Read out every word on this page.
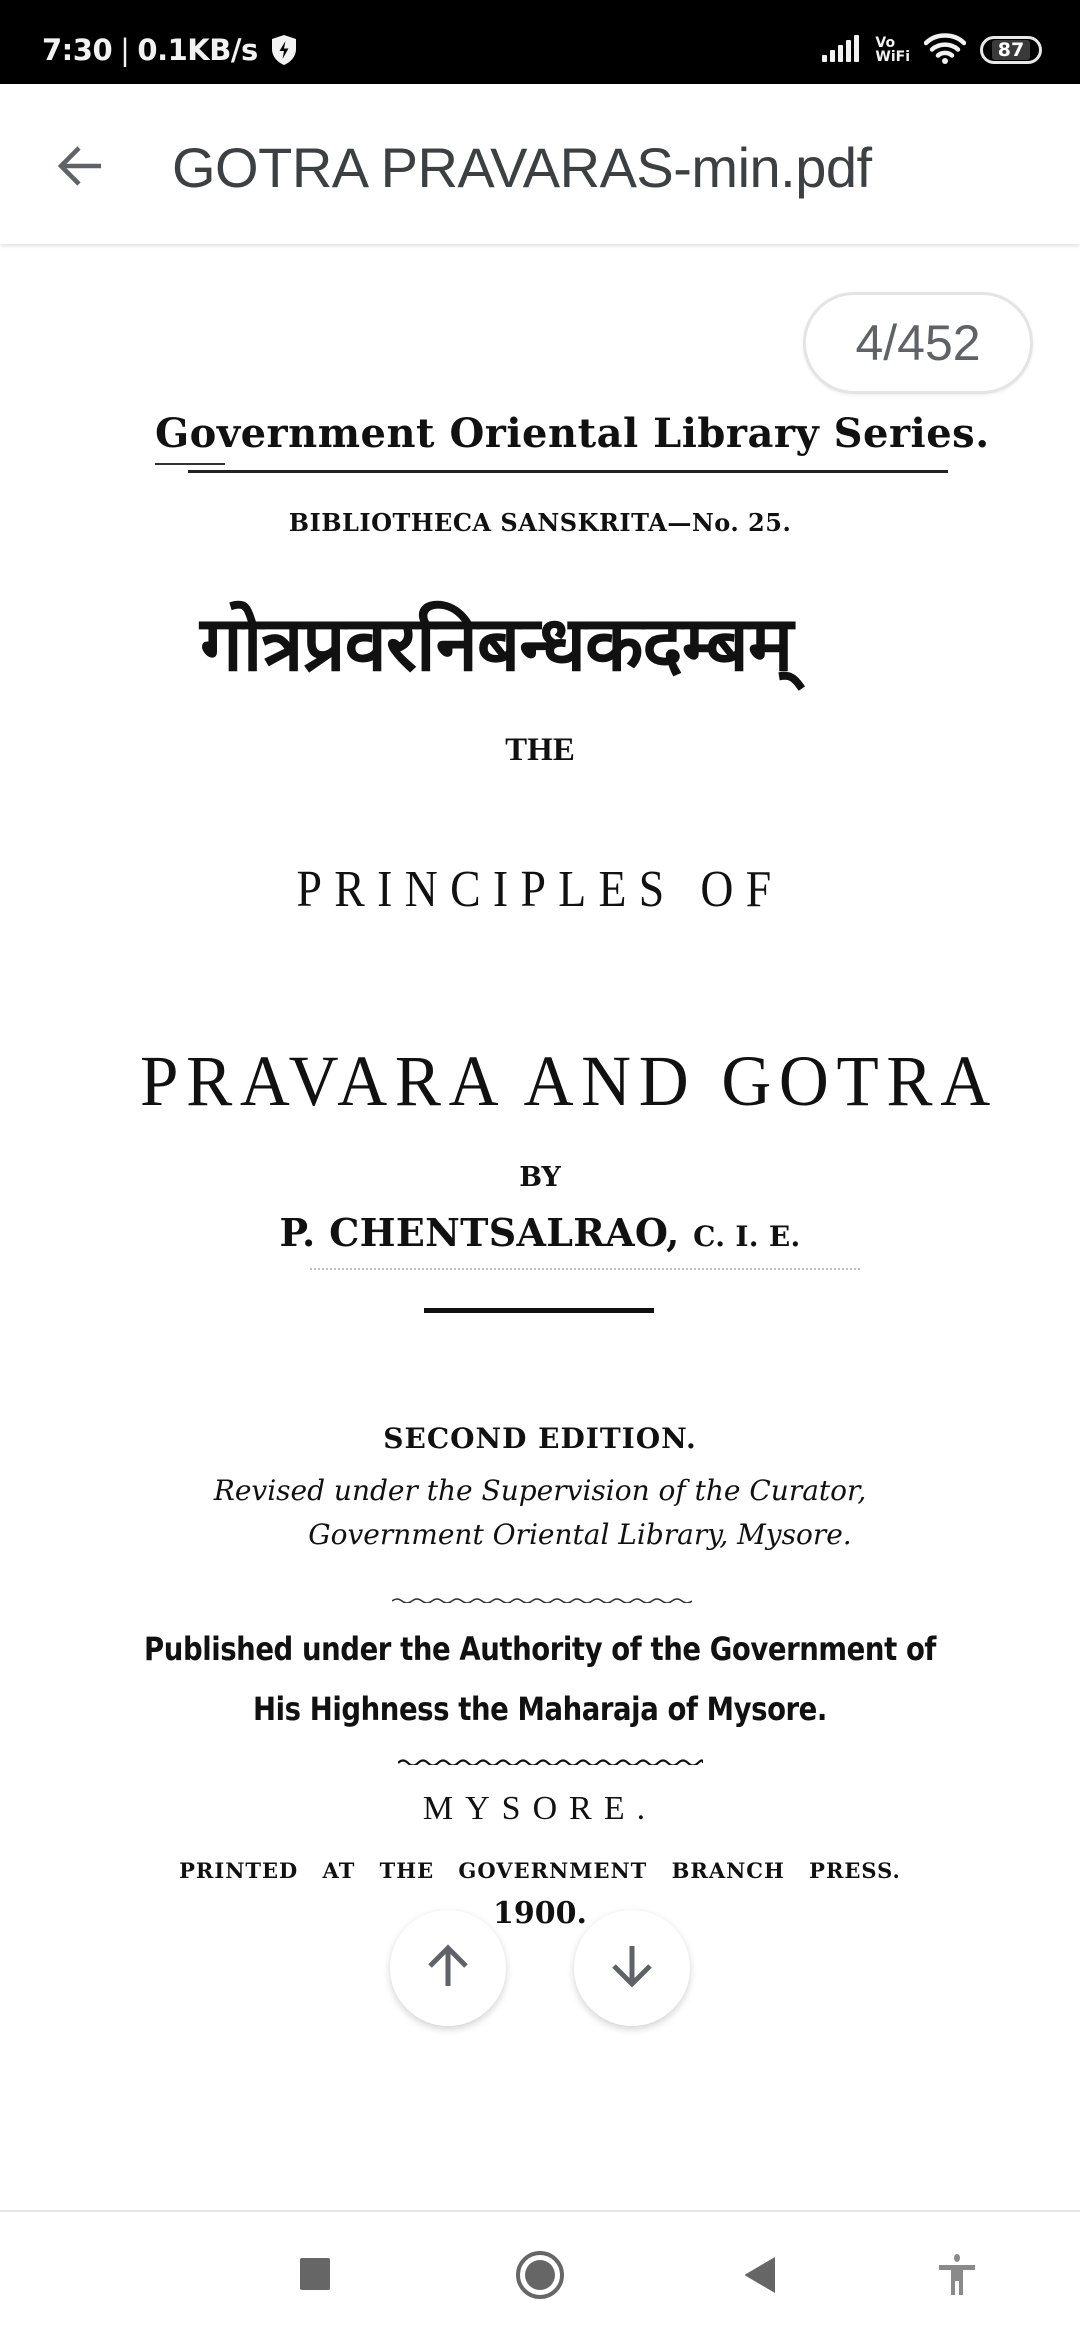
7:30 | 0.1KB/s	Vo
WiFi	87
GOTRA PRAVARAS-min.pdf
Government Oriental Library Series.
BIBLIOTHECA SANSKRITA—No. 25.
गोत्रप्रवरनिबन्धकदम्बम्
THE
PRINCIPLES OF
PRAVARA AND GOTRA
BY
P. CHENTSALRAO, C. I. E.
SECOND EDITION.
Revised under the Supervision of the Curator,
Government Oriental Library, Mysore.
Published under the Authority of the Government of
His Highness the Maharaja of Mysore.
MYSORE.
PRINTED AT THE GOVERNMENT BRANCH PRESS.
1900.
4/452
